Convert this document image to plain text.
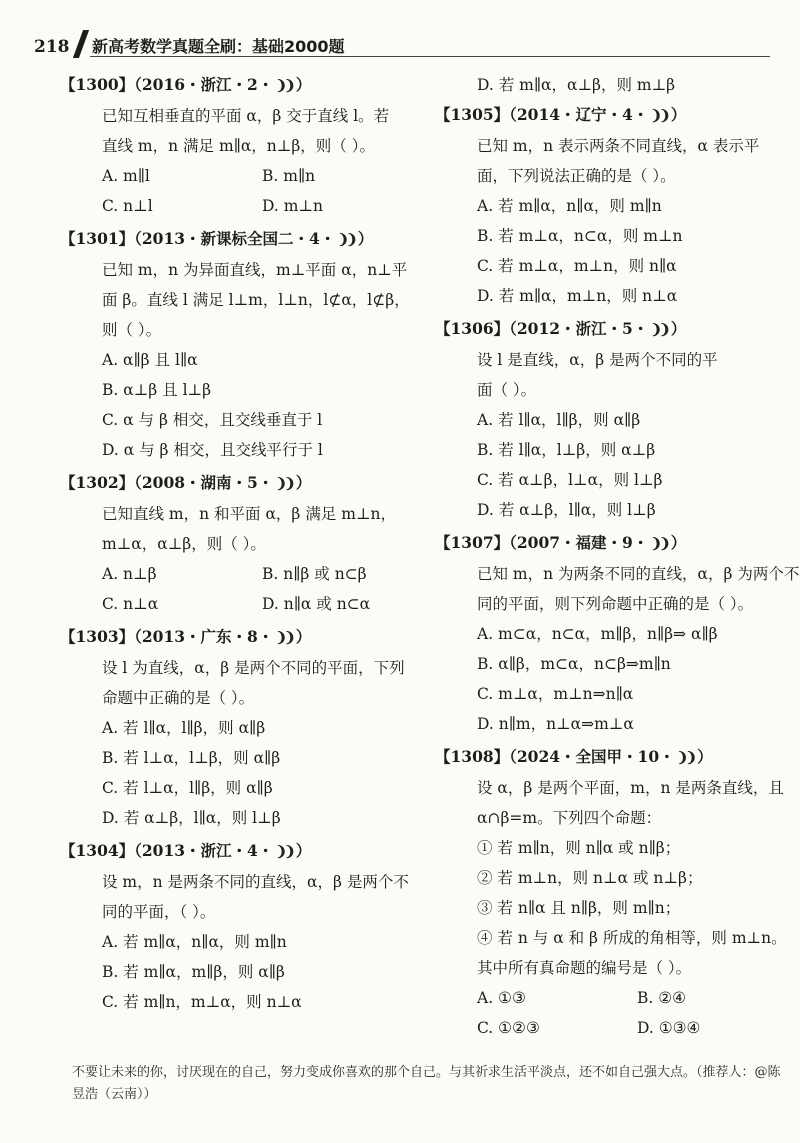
218 新高考数学真题全刷：基础2000题
【1300】（2016・浙江・2・ ❩❩ ）
已知互相垂直的平面 α，β 交于直线 l。若
直线 m，n 满足 m∥α，n⊥β，则（ ）。
A. m∥l	B. m∥n
C. n⊥l	D. m⊥n
【1301】（2013・新课标全国二・4・ ❩❩ ）
已知 m，n 为异面直线，m⊥平面 α，n⊥平
面 β。直线 l 满足 l⊥m，l⊥n，l⊄α，l⊄β，
则（ ）。
A. α∥β 且 l∥α
B. α⊥β 且 l⊥β
C. α 与 β 相交，且交线垂直于 l
D. α 与 β 相交，且交线平行于 l
【1302】（2008・湖南・5・ ❩❩ ）
已知直线 m，n 和平面 α，β 满足 m⊥n，
m⊥α，α⊥β，则（ ）。
A. n⊥β	B. n∥β 或 n⊂β
C. n⊥α	D. n∥α 或 n⊂α
【1303】（2013・广东・8・ ❩❩ ）
设 l 为直线，α，β 是两个不同的平面，下列
命题中正确的是（ ）。
A. 若 l∥α，l∥β，则 α∥β
B. 若 l⊥α，l⊥β，则 α∥β
C. 若 l⊥α，l∥β，则 α∥β
D. 若 α⊥β，l∥α，则 l⊥β
【1304】（2013・浙江・4・ ❩❩ ）
设 m，n 是两条不同的直线，α，β 是两个不
同的平面，（ ）。
A. 若 m∥α，n∥α，则 m∥n
B. 若 m∥α，m∥β，则 α∥β
C. 若 m∥n，m⊥α，则 n⊥α
D. 若 m∥α，α⊥β，则 m⊥β
【1305】（2014・辽宁・4・ ❩❩ ）
已知 m，n 表示两条不同直线，α 表示平
面，下列说法正确的是（ ）。
A. 若 m∥α，n∥α，则 m∥n
B. 若 m⊥α，n⊂α，则 m⊥n
C. 若 m⊥α，m⊥n，则 n∥α
D. 若 m∥α，m⊥n，则 n⊥α
【1306】（2012・浙江・5・ ❩❩ ）
设 l 是直线，α，β 是两个不同的平
面（ ）。
A. 若 l∥α，l∥β，则 α∥β
B. 若 l∥α，l⊥β，则 α⊥β
C. 若 α⊥β，l⊥α，则 l⊥β
D. 若 α⊥β，l∥α，则 l⊥β
【1307】（2007・福建・9・ ❩❩ ）
已知 m，n 为两条不同的直线，α，β 为两个不
同的平面，则下列命题中正确的是（ ）。
A. m⊂α，n⊂α，m∥β，n∥β⇒ α∥β
B. α∥β，m⊂α，n⊂β⇒m∥n
C. m⊥α，m⊥n⇒n∥α
D. n∥m，n⊥α⇒m⊥α
【1308】（2024・全国甲・10・ ❩❩ ）
设 α，β 是两个平面，m，n 是两条直线，且
α∩β=m。下列四个命题：
① 若 m∥n，则 n∥α 或 n∥β；
② 若 m⊥n，则 n⊥α 或 n⊥β；
③ 若 n∥α 且 n∥β，则 m∥n；
④ 若 n 与 α 和 β 所成的角相等，则 m⊥n。
其中所有真命题的编号是（ ）。
A. ①③	B. ②④
C. ①②③	D. ①③④
不要让未来的你，讨厌现在的自己，努力变成你喜欢的那个自己。与其祈求生活平淡点，还不如自己强大点。（推荐人：@陈
昱浩（云南））
